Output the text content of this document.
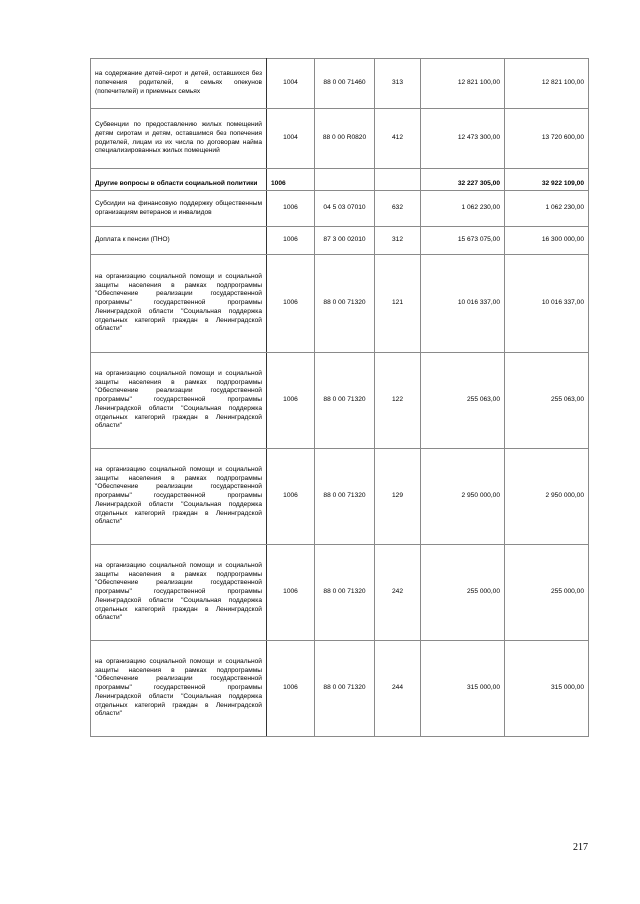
на содержание детей-сирот и детей, оставшихся без попечения родителей, в семьях опекунов (попечителей) и приемных семьях	1004	88 0 00 71460	313	12 821 100,00	12 821 100,00
Субвенции по предоставлению жилых помещений детям сиротам и детям, оставшимся без попечения родителей, лицам из их числа по договорам найма специализированных жилых помещений	1004	88 0 00 R0820	412	12 473 300,00	13 720 600,00
Другие вопросы в области социальной политики	1006			32 227 305,00	32 922 109,00
Субсидии на финансовую поддержку общественным организациям ветеранов и инвалидов	1006	04 5 03 07010	632	1 062 230,00	1 062 230,00
Доплата к пенсии (ПНО)	1006	87 3 00 02010	312	15 673 075,00	16 300 000,00
на организацию социальной помощи и социальной защиты населения в рамках подпрограммы "Обеспечение реализации государственной программы" государственной программы Ленинградской области "Социальная поддержка отдельных категорий граждан в Ленинградской области"	1006	88 0 00 71320	121	10 016 337,00	10 016 337,00
на организацию социальной помощи и социальной защиты населения в рамках подпрограммы "Обеспечение реализации государственной программы" государственной программы Ленинградской области "Социальная поддержка отдельных категорий граждан в Ленинградской области"	1006	88 0 00 71320	122	255 063,00	255 063,00
на организацию социальной помощи и социальной защиты населения в рамках подпрограммы "Обеспечение реализации государственной программы" государственной программы Ленинградской области "Социальная поддержка отдельных категорий граждан в Ленинградской области"	1006	88 0 00 71320	129	2 950 000,00	2 950 000,00
на организацию социальной помощи и социальной защиты населения в рамках подпрограммы "Обеспечение реализации государственной программы" государственной программы Ленинградской области "Социальная поддержка отдельных категорий граждан в Ленинградской области"	1006	88 0 00 71320	242	255 000,00	255 000,00
на организацию социальной помощи и социальной защиты населения в рамках подпрограммы "Обеспечение реализации государственной программы" государственной программы Ленинградской области "Социальная поддержка отдельных категорий граждан в Ленинградской области"	1006	88 0 00 71320	244	315 000,00	315 000,00
217
